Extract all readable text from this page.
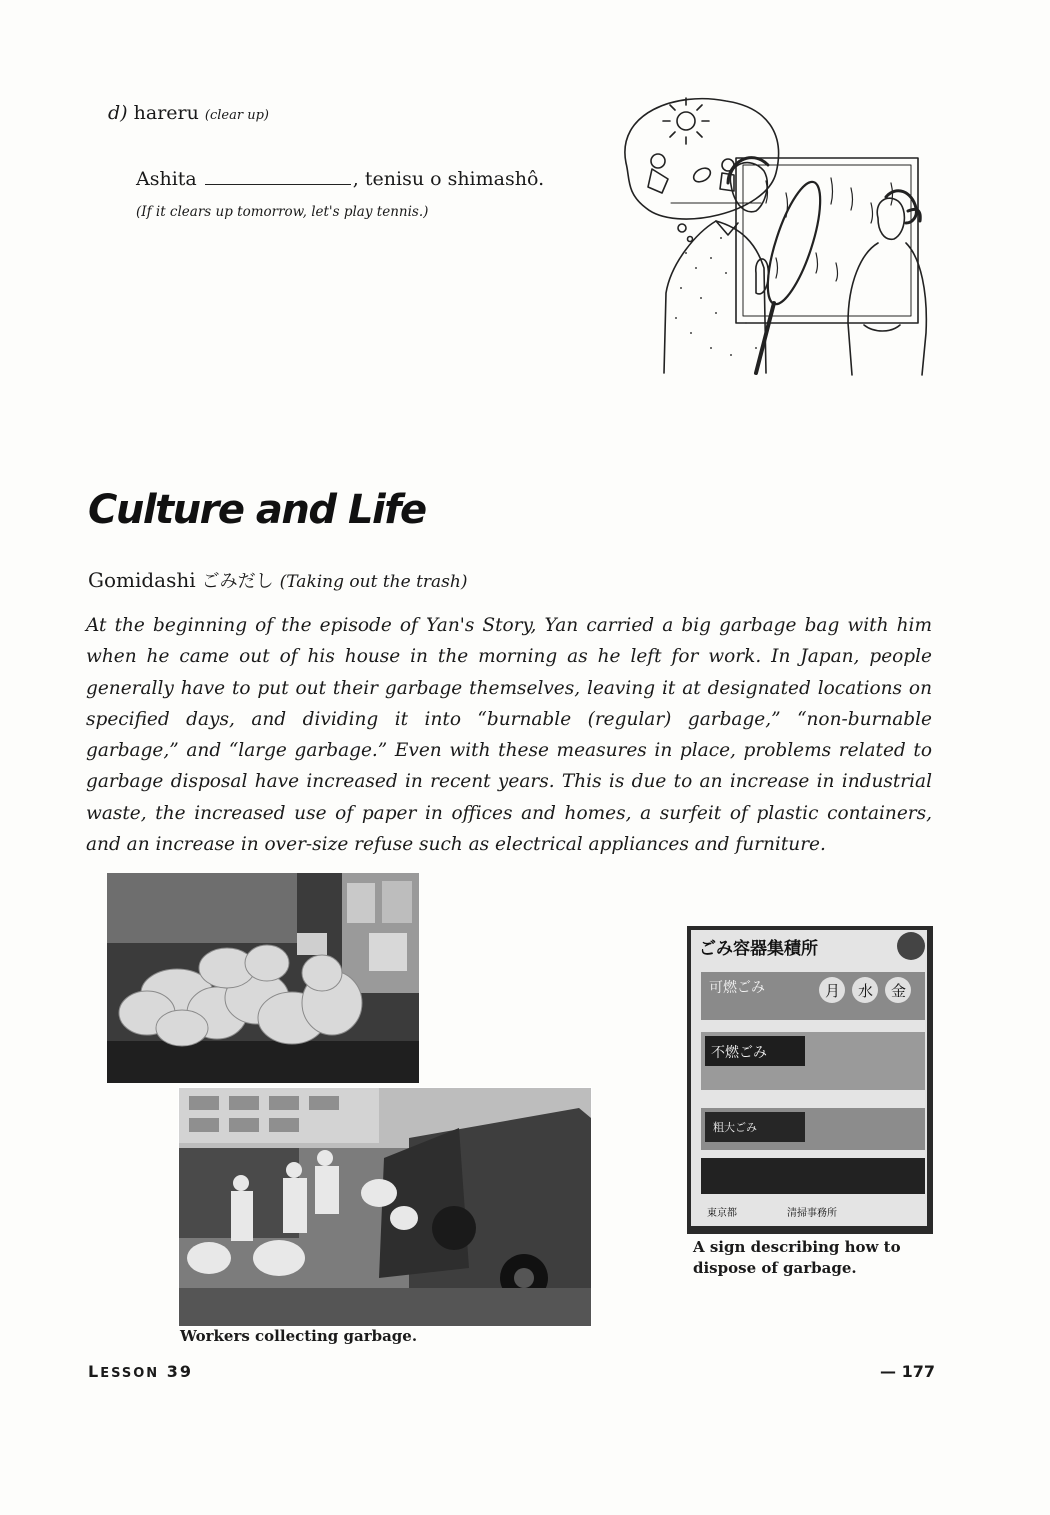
d) hareru (clear up)
Ashita	, tenisu o shimashô.
(If it clears up tomorrow, let's play tennis.)
Culture and Life
Gomidashi ごみだし (Taking out the trash)
At the beginning of the episode of Yan's Story, Yan carried a big garbage bag with him when he came out of his house in the morning as he left for work. In Japan, people generally have to put out their garbage themselves, leaving it at designated locations on specified days, and dividing it into “burnable (regular) garbage,” “non-burnable garbage,” and “large garbage.” Even with these measures in place, problems related to garbage disposal have increased in recent years. This is due to an increase in industrial waste, the increased use of paper in offices and homes, a surfeit of plastic containers, and an increase in over-size refuse such as electrical appliances and furniture.
ごみ容器集積所
可燃ごみ	月 水 金
不燃ごみ
粗大ごみ
東京都	清掃事務所
Workers collecting garbage.
A sign describing how to dispose of garbage.
LESSON 39	— 177
